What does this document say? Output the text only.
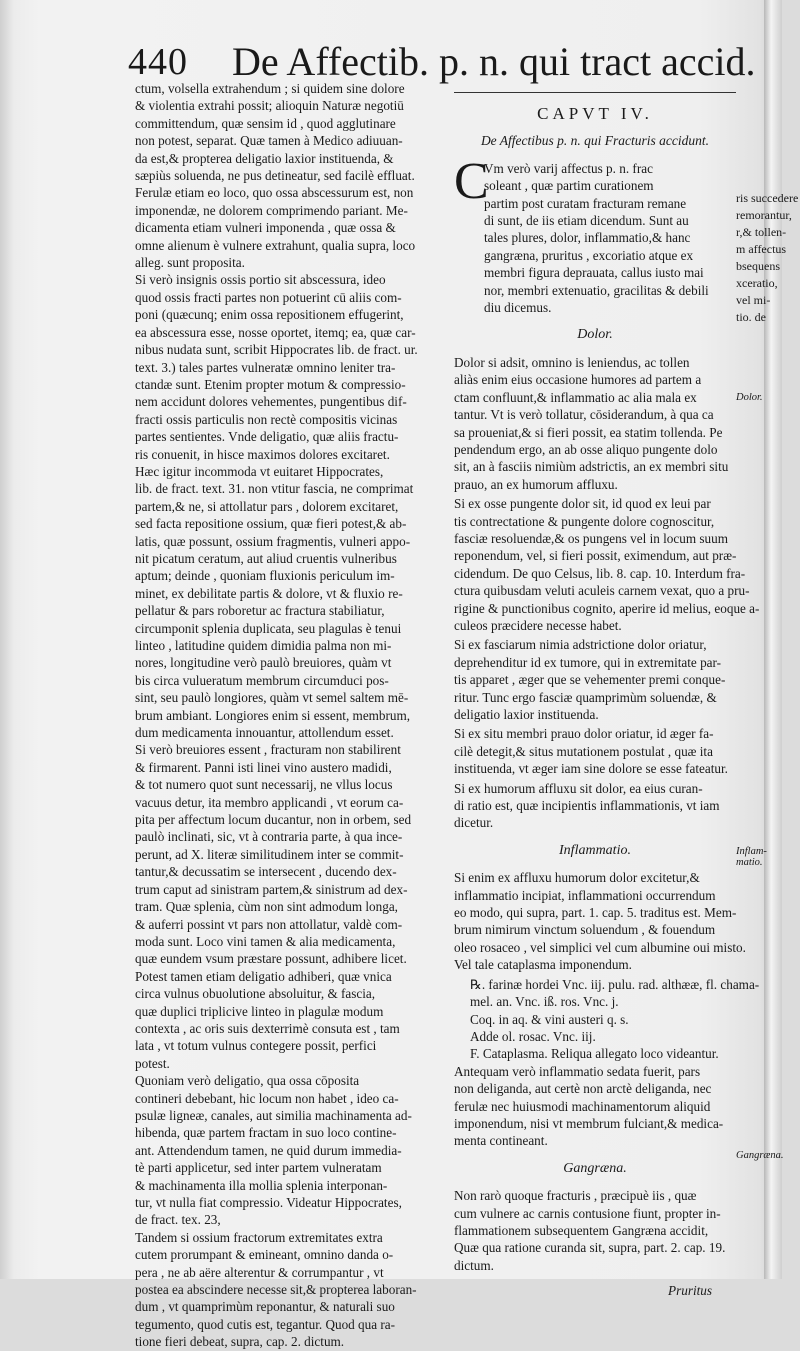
440 De Affectib. p. n. qui tract accid.
ctum, volsella extrahendum ; si quidem sine dolore
& violentia extrahi possit; alioquin Naturæ negotiū
committendum, quæ sensim id , quod agglutinare
non potest, separat. Quæ tamen à Medico adiuuan-
da est,& propterea deligatio laxior instituenda, &
sæpiùs soluenda, ne pus detineatur, sed facilè effluat.
Ferulæ etiam eo loco, quo ossa abscessurum est, non
imponendæ, ne dolorem comprimendo pariant. Me-
dicamenta etiam vulneri imponenda , quæ ossa &
omne alienum è vulnere extrahunt, qualia supra, loco
alleg. sunt proposita.
Si verò insignis ossis portio sit abscessura, ideo
quod ossis fracti partes non potuerint cū aliis com-
poni (quæcunq; enim ossa repositionem effugerint,
ea abscessura esse, nosse oportet, itemq; ea, quæ car-
nibus nudata sunt, scribit Hippocrates lib. de fract. ur.
text. 3.) tales partes vulneratæ omnino leniter tra-
ctandæ sunt. Etenim propter motum & compressio-
nem accidunt dolores vehementes, pungentibus dif-
fracti ossis particulis non rectè compositis vicinas
partes sentientes. Vnde deligatio, quæ aliis fractu-
ris conuenit, in hisce maximos dolores excitaret.
Hæc igitur incommoda vt euitaret Hippocrates,
lib. de fract. text. 31. non vtitur fascia, ne comprimat
partem,& ne, si attollatur pars , dolorem excitaret,
sed facta repositione ossium, quæ fieri potest,& ab-
latis, quæ possunt, ossium fragmentis, vulneri appo-
nit picatum ceratum, aut aliud cruentis vulneribus
aptum; deinde , quoniam fluxionis periculum im-
minet, ex debilitate partis & dolore, vt & fluxio re-
pellatur & pars roboretur ac fractura stabiliatur,
circumponit splenia duplicata, seu plagulas è tenui
linteo , latitudine quidem dimidia palma non mi-
nores, longitudine verò paulò breuiores, quàm vt
bis circa vulueratum membrum circumduci pos-
sint, seu paulò longiores, quàm vt semel saltem mē-
brum ambiant. Longiores enim si essent, membrum,
dum medicamenta innouantur, attollendum esset.
Si verò breuiores essent , fracturam non stabilirent
& firmarent. Panni isti linei vino austero madidi,
& tot numero quot sunt necessarij, ne vllus locus
vacuus detur, ita membro applicandi , vt eorum ca-
pita per affectum locum ducantur, non in orbem, sed
paulò inclinati, sic, vt à contraria parte, à qua ince-
perunt, ad X. literæ similitudinem inter se commit-
tantur,& decussatim se intersecent , ducendo dex-
trum caput ad sinistram partem,& sinistrum ad dex-
tram. Quæ splenia, cùm non sint admodum longa,
& auferri possint vt pars non attollatur, valdè com-
moda sunt. Loco vini tamen & alia medicamenta,
quæ eundem vsum præstare possunt, adhibere licet.
Potest tamen etiam deligatio adhiberi, quæ vnica
circa vulnus obuolutione absoluitur, & fascia,
quæ duplici triplicive linteo in plagulæ modum
contexta , ac oris suis dexterrimè consuta est , tam
lata , vt totum vulnus contegere possit, perfici
potest.
Quoniam verò deligatio, qua ossa cōposita
contineri debebant, hic locum non habet , ideo ca-
psulæ ligneæ, canales, aut similia machinamenta ad-
hibenda, quæ partem fractam in suo loco contine-
ant. Attendendum tamen, ne quid durum immedia-
tè parti applicetur, sed inter partem vulneratam
& machinamenta illa mollia splenia interponan-
tur, vt nulla fiat compressio. Videatur Hippocrates,
de fract. tex. 23,
Tandem si ossium fractorum extremitates extra
cutem prorumpant & emineant, omnino danda o-
pera , ne ab aëre alterentur & corrumpantur , vt
postea ea abscindere necesse sit,& propterea laboran-
dum , vt quamprimùm reponantur, & naturali suo
tegumento, quod cutis est, tegantur. Quod qua ra-
tione fieri debeat, supra, cap. 2. dictum.
CAPVT IV.
De Affectibus p. n. qui Fracturis accidunt.
C
Vm verò varij affectus p. n. frac
soleant , quæ partim curationem
partim post curatam fracturam remane
di sunt, de iis etiam dicendum. Sunt au
tales plures, dolor, inflammatio,& hanc
gangræna, pruritus , excoriatio atque ex
membri figura deprauata, callus iusto mai
nor, membri extenuatio, gracilitas & debili
diu dicemus.
Dolor.
Dolor si adsit, omnino is leniendus, ac tollen
aliàs enim eius occasione humores ad partem a
ctam confluunt,& inflammatio ac alia mala ex
tantur. Vt is verò tollatur, cōsiderandum, à qua ca
sa proueniat,& si fieri possit, ea statim tollenda. Pe
pendendum ergo, an ab osse aliquo pungente dolo
sit, an à fasciis nimiùm adstrictis, an ex membri situ
prauo, an ex humorum affluxu.
Si ex osse pungente dolor sit, id quod ex leui par
tis contrectatione & pungente dolore cognoscitur,
fasciæ resoluendæ,& os pungens vel in locum suum
reponendum, vel, si fieri possit, eximendum, aut præ-
cidendum. De quo Celsus, lib. 8. cap. 10. Interdum fra-
ctura quibusdam veluti aculeis carnem vexat, quo a pru-
rigine & punctionibus cognito, aperire id melius, eoque a-
culeos præcidere necesse habet.
Si ex fasciarum nimia adstrictione dolor oriatur,
deprehenditur id ex tumore, qui in extremitate par-
tis apparet , æger que se vehementer premi conque-
ritur. Tunc ergo fasciæ quamprimùm soluendæ, &
deligatio laxior instituenda.
Si ex situ membri prauo dolor oriatur, id æger fa-
cilè detegit,& situs mutationem postulat , quæ ita
instituenda, vt æger iam sine dolore se esse fateatur.
Si ex humorum affluxu sit dolor, ea eius curan-
di ratio est, quæ incipientis inflammationis, vt iam
dicetur.
Inflammatio.
Si enim ex affluxu humorum dolor excitetur,&
inflammatio incipiat, inflammationi occurrendum
eo modo, qui supra, part. 1. cap. 5. traditus est. Mem-
brum nimirum vinctum soluendum , & fouendum
oleo rosaceo , vel simplici vel cum albumine oui misto.
Vel tale cataplasma imponendum.
℞. farinæ hordei Vnc. iij. pulu. rad. althææ, fl. chama-
mel. an. Vnc. iß. ros. Vnc. j.
Coq. in aq. & vini austeri q. s.
Adde ol. rosac. Vnc. iij.
F. Cataplasma. Reliqua allegato loco videantur.
Antequam verò inflammatio sedata fuerit, pars
non deliganda, aut certè non arctè deliganda, nec
ferulæ nec huiusmodi machinamentorum aliquid
imponendum, nisi vt membrum fulciant,& medica-
menta contineant.
Gangræna.
Non rarò quoque fracturis , præcipuè iis , quæ
cum vulnere ac carnis contusione fiunt, propter in-
flammationem subsequentem Gangræna accidit,
Quæ qua ratione curanda sit, supra, part. 2. cap. 19.
dictum.
Pruritus
ris succedere
remorantur,
r,& tollen-
m affectus
bsequens
xceratio,
vel mi-
tio. de
Dolor.
Inflam-
matio.
Gangræna.
